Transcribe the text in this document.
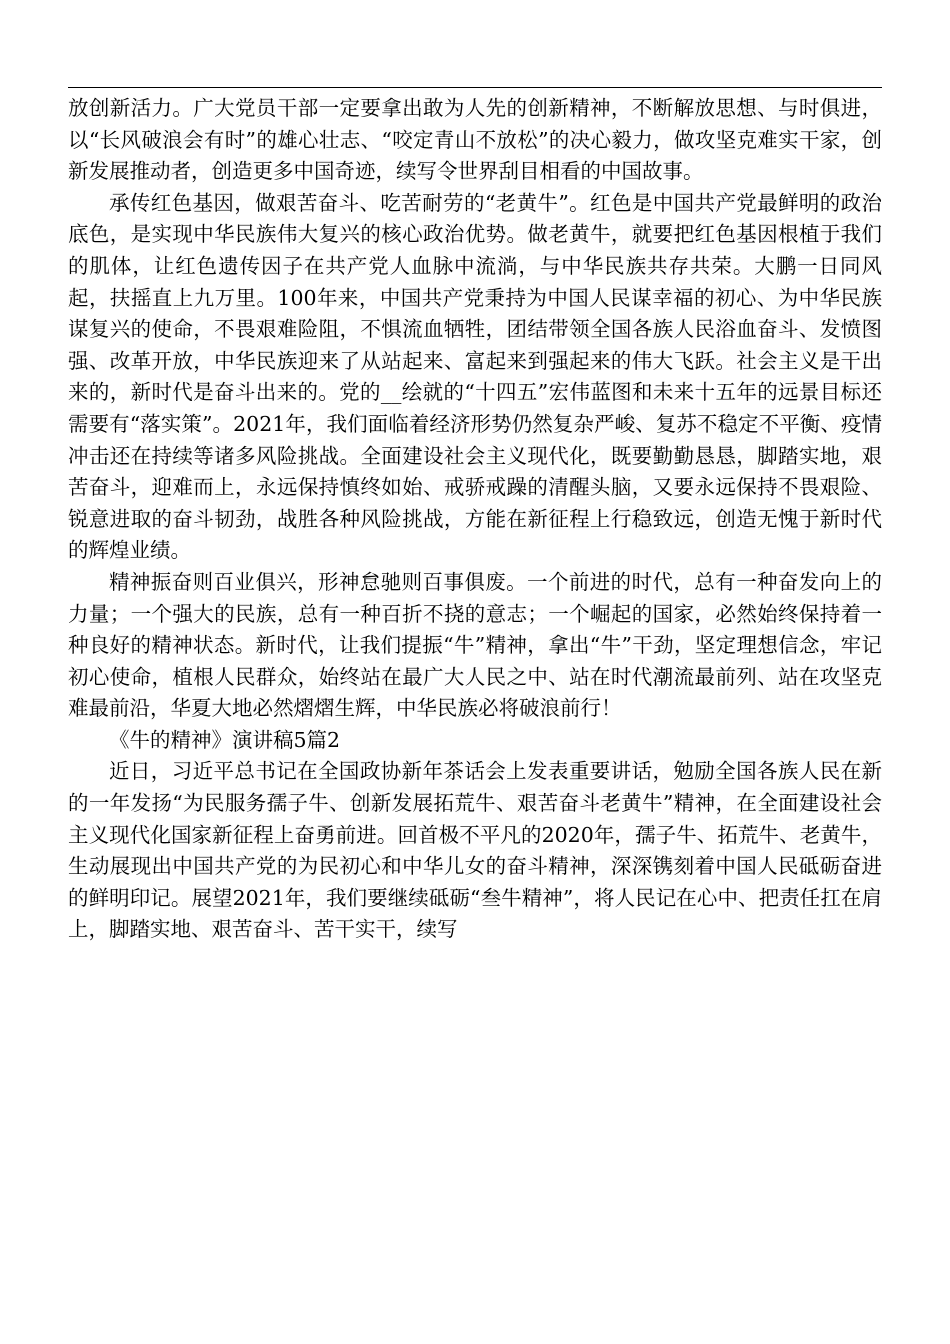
放创新活力。广大党员干部一定要拿出敢为人先的创新精神，不断解放思想、与时俱进，以“长风破浪会有时”的雄心壮志、“咬定青山不放松”的决心毅力，做攻坚克难实干家，创新发展推动者，创造更多中国奇迹，续写令世界刮目相看的中国故事。

承传红色基因，做艰苦奋斗、吃苦耐劳的“老黄牛”。红色是中国共产党最鲜明的政治底色，是实现中华民族伟大复兴的核心政治优势。做老黄牛，就要把红色基因根植于我们的肌体，让红色遗传因子在共产党人血脉中流淌，与中华民族共存共荣。大鹏一日同风起，扶摇直上九万里。100年来，中国共产党秉持为中国人民谋幸福的初心、为中华民族谋复兴的使命，不畏艰难险阻，不惧流血牺牲，团结带领全国各族人民浴血奋斗、发愤图强、改革开放，中华民族迎来了从站起来、富起来到强起来的伟大飞跃。社会主义是干出来的，新时代是奋斗出来的。党的__绘就的“十四五”宏伟蓝图和未来十五年的远景目标还需要有“落实策”。2021年，我们面临着经济形势仍然复杂严峻、复苏不稳定不平衡、疫情冲击还在持续等诸多风险挑战。全面建设社会主义现代化，既要勤勤恳恳，脚踏实地，艰苦奋斗，迎难而上，永远保持慎终如始、戒骄戒躁的清醒头脑，又要永远保持不畏艰险、锐意进取的奋斗韧劲，战胜各种风险挑战，方能在新征程上行稳致远，创造无愧于新时代的辉煌业绩。

精神振奋则百业俱兴，形神怠驰则百事俱废。一个前进的时代，总有一种奋发向上的力量；一个强大的民族，总有一种百折不挠的意志；一个崛起的国家，必然始终保持着一种良好的精神状态。新时代，让我们提振“牛”精神，拿出“牛”干劲，坚定理想信念，牢记初心使命，植根人民群众，始终站在最广大人民之中、站在时代潮流最前列、站在攻坚克难最前沿，华夏大地必然熠熠生辉，中华民族必将破浪前行！

《牛的精神》演讲稿5篇2

近日，习近平总书记在全国政协新年茶话会上发表重要讲话，勉励全国各族人民在新的一年发扬“为民服务孺子牛、创新发展拓荒牛、艰苦奋斗老黄牛”精神，在全面建设社会主义现代化国家新征程上奋勇前进。回首极不平凡的2020年，孺子牛、拓荒牛、老黄牛，生动展现出中国共产党的为民初心和中华儿女的奋斗精神，深深镌刻着中国人民砥砺奋进的鲜明印记。展望2021年，我们要继续砥砺“叁牛精神”，将人民记在心中、把责任扛在肩上，脚踏实地、艰苦奋斗、苦干实干，续写
